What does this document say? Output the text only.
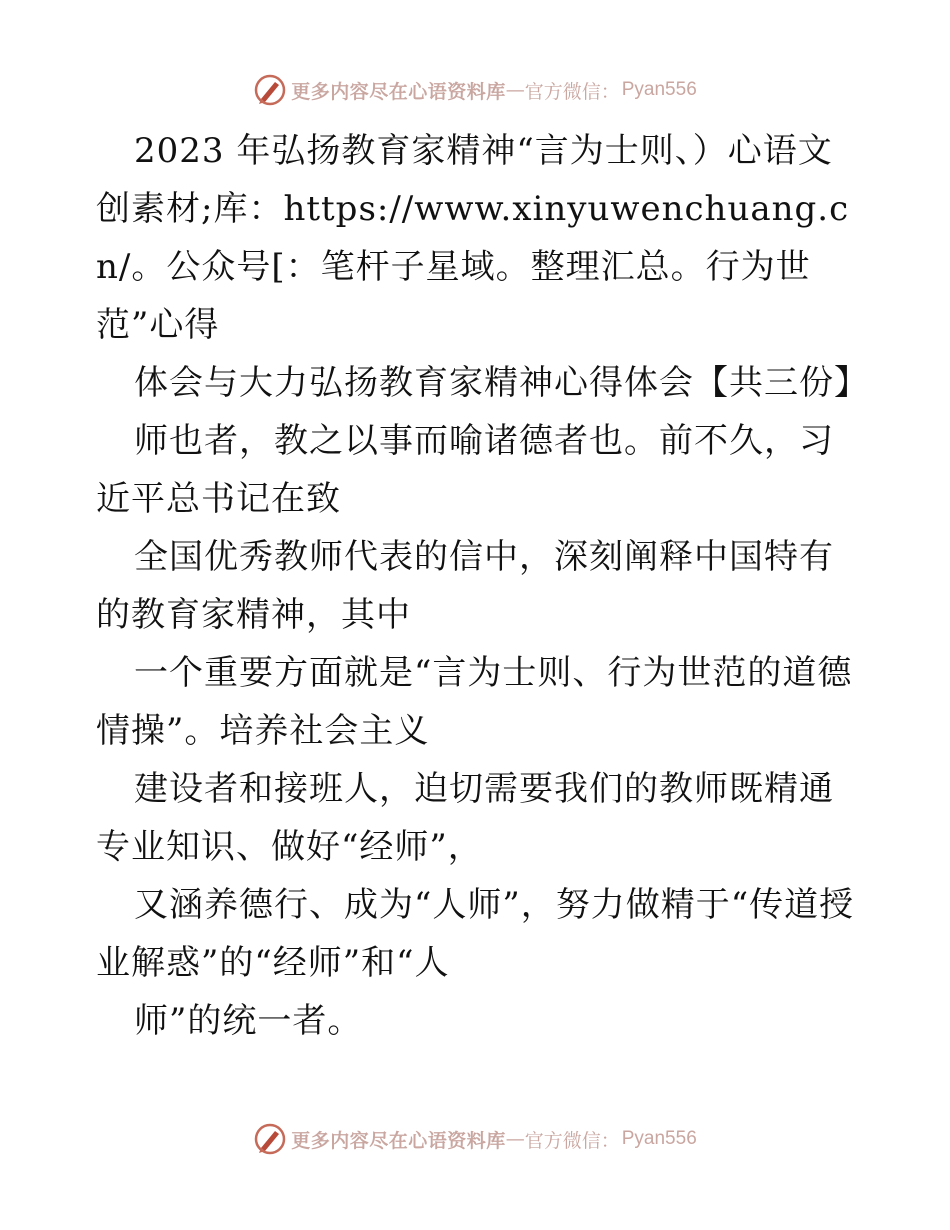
更多内容尽在心语资料库 — 官方微信： Pyan556

2023 年弘扬教育家精神“言为士则、）心语文创素材;库：https://www.xinyuwenchuang.cn/。公众号[：笔杆子星域。整理汇总。行为世范”心得

体会与大力弘扬教育家精神心得体会【共三份】

师也者，教之以事而喻诸德者也。前不久，习近平总书记在致

全国优秀教师代表的信中，深刻阐释中国特有的教育家精神，其中

一个重要方面就是“言为士则、行为世范的道德情操”。培养社会主义

建设者和接班人，迫切需要我们的教师既精通专业知识、做好“经师”，

又涵养德行、成为“人师”，努力做精于“传道授业解惑”的“经师”和“人

师”的统一者。

更多内容尽在心语资料库 — 官方微信： Pyan556
